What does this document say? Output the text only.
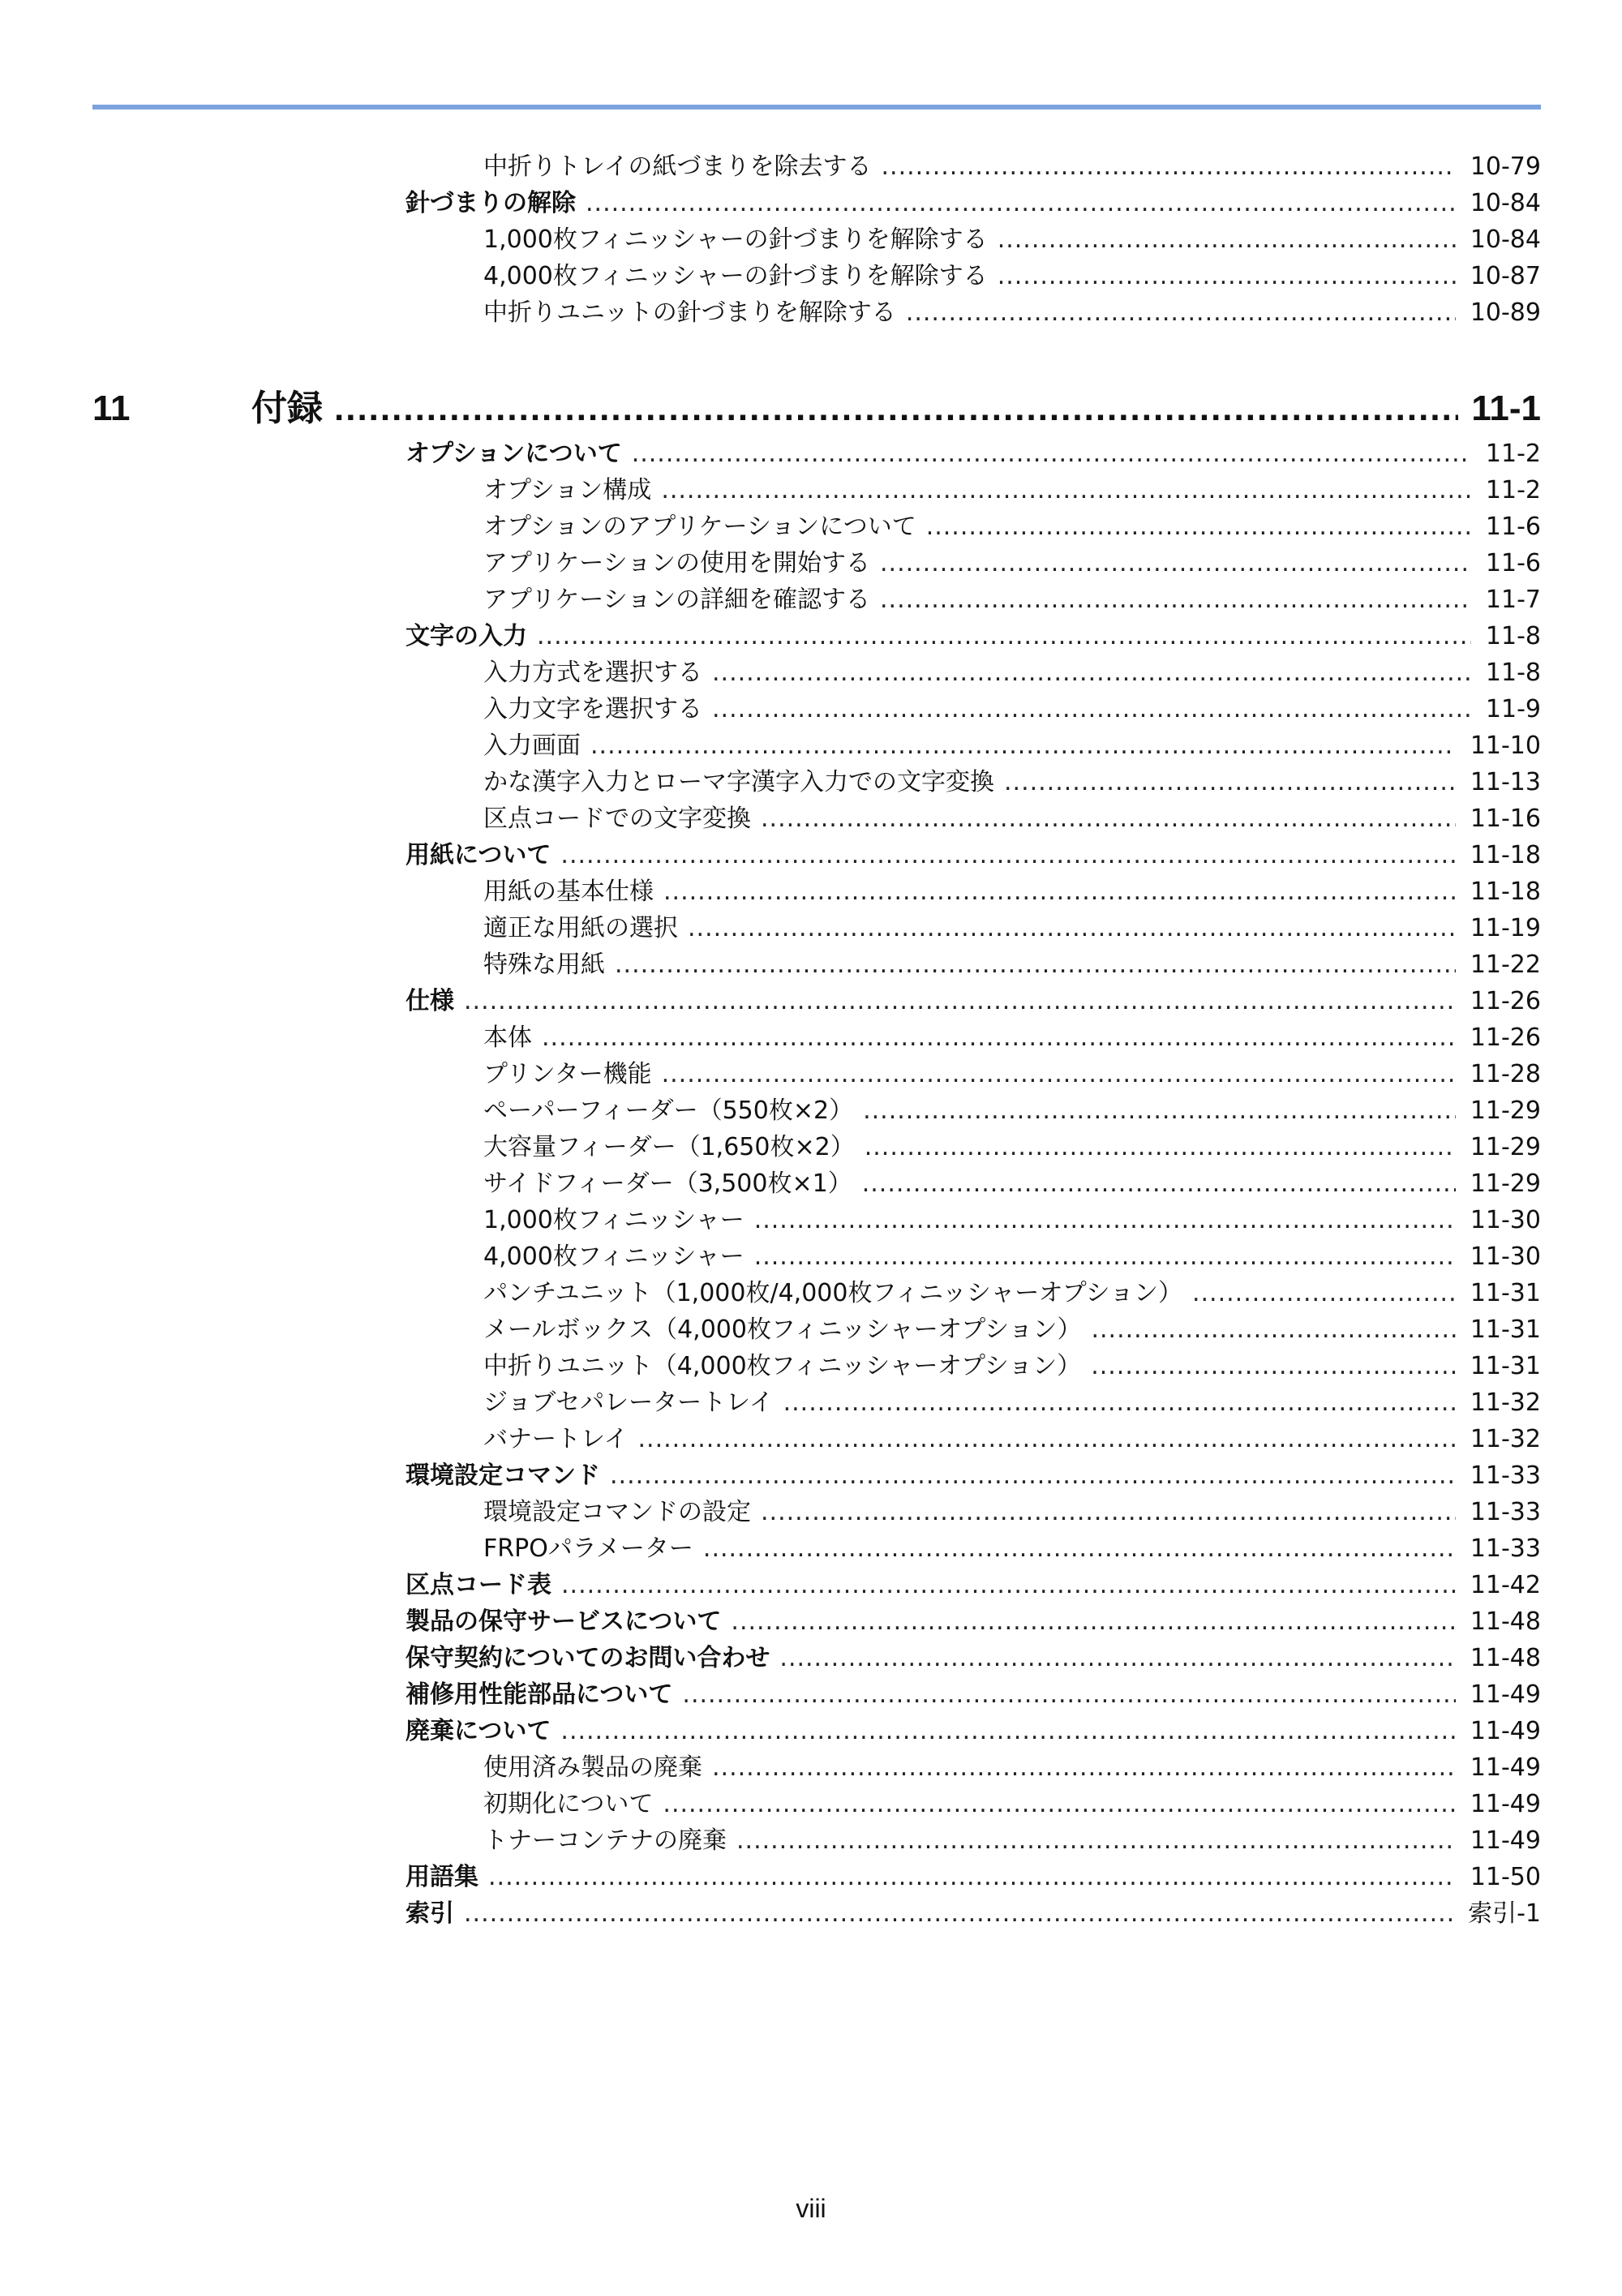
中折りトレイの紙づまりを除去する .....	10-79
針づまりの解除 .....	10-84
1,000枚フィニッシャーの針づまりを解除する .....	10-84
4,000枚フィニッシャーの針づまりを解除する .....	10-87
中折りユニットの針づまりを解除する .....	10-89
11	付録 .....	11-1
オプションについて .....	11-2
オプション構成 .....	11-2
オプションのアプリケーションについて .....	11-6
アプリケーションの使用を開始する .....	11-6
アプリケーションの詳細を確認する .....	11-7
文字の入力 .....	11-8
入力方式を選択する .....	11-8
入力文字を選択する .....	11-9
入力画面 .....	11-10
かな漢字入力とローマ字漢字入力での文字変換 .....	11-13
区点コードでの文字変換 .....	11-16
用紙について .....	11-18
用紙の基本仕様 .....	11-18
適正な用紙の選択 .....	11-19
特殊な用紙 .....	11-22
仕様 .....	11-26
本体 .....	11-26
プリンター機能 .....	11-28
ペーパーフィーダー（550枚×2） .....	11-29
大容量フィーダー（1,650枚×2） .....	11-29
サイドフィーダー（3,500枚×1） .....	11-29
1,000枚フィニッシャー .....	11-30
4,000枚フィニッシャー .....	11-30
パンチユニット（1,000枚/4,000枚フィニッシャーオプション） .....	11-31
メールボックス（4,000枚フィニッシャーオプション） .....	11-31
中折りユニット（4,000枚フィニッシャーオプション） .....	11-31
ジョブセパレータートレイ .....	11-32
バナートレイ .....	11-32
環境設定コマンド .....	11-33
環境設定コマンドの設定 .....	11-33
FRPOパラメーター .....	11-33
区点コード表 .....	11-42
製品の保守サービスについて .....	11-48
保守契約についてのお問い合わせ .....	11-48
補修用性能部品について .....	11-49
廃棄について .....	11-49
使用済み製品の廃棄 .....	11-49
初期化について .....	11-49
トナーコンテナの廃棄 .....	11-49
用語集 .....	11-50
索引 .....	索引-1
viii
